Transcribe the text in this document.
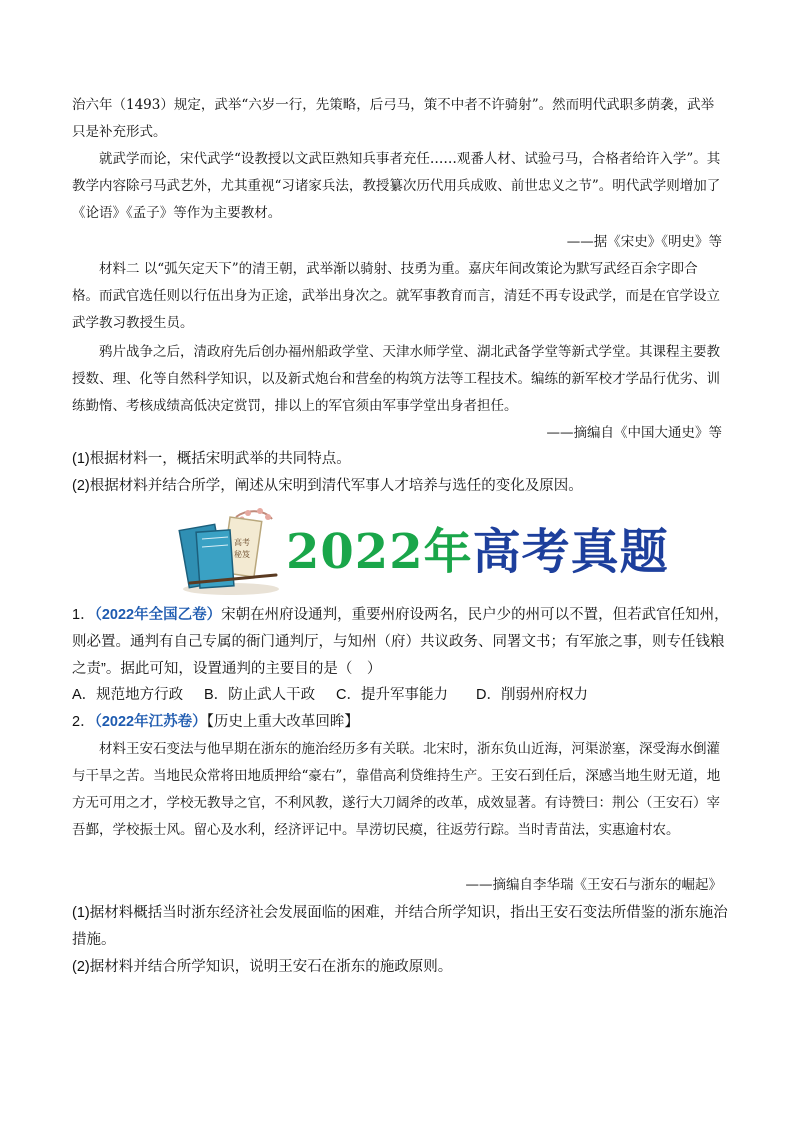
治六年（1493）规定，武举“六岁一行，先策略，后弓马，策不中者不许骑射”。然而明代武职多荫袭，武举

只是补充形式。

就武学而论，宋代武学“设教授以文武臣熟知兵事者充任……观番人材、试验弓马，合格者给许入学”。其教学内容除弓马武艺外，尤其重视“习诸家兵法，教授纂次历代用兵成败、前世忠义之节”。明代武学则增加了《论语》《孟子》等作为主要教材。

——据《宋史》《明史》等

材料二 以“弧矢定天下”的清王朝，武举渐以骑射、技勇为重。嘉庆年间改策论为默写武经百余字即合格。而武官选任则以行伍出身为正途，武举出身次之。就军事教育而言，清廷不再专设武学，而是在官学设立武学教习教授生员。

鸦片战争之后，清政府先后创办福州船政学堂、天津水师学堂、湖北武备学堂等新式学堂。其课程主要教授数、理、化等自然科学知识，以及新式炮台和营垒的构筑方法等工程技术。编练的新军校才学品行优劣、训练勤惰、考核成绩高低决定赏罚，排以上的军官须由军事学堂出身者担任。

——摘编自《中国大通史》等

(1)根据材料一，概括宋明武举的共同特点。

(2)根据材料并结合所学，阐述从宋明到清代军事人才培养与选任的变化及原因。

高考
秘笈 2022年高考真题

1．（2022年全国乙卷）宋朝在州府设通判，重要州府设两名，民户少的州可以不置，但若武官任知州，则必置。通判有自己专属的衙门通判厅，与知州（府）共议政务、同署文书；有军旅之事，则专任钱粮之责”。据此可知，设置通判的主要目的是（　）

A．规范地方行政 B．防止武人干政 C．提升军事能力 D．削弱州府权力

2．（2022年江苏卷）【历史上重大改革回眸】

材料王安石变法与他早期在浙东的施治经历多有关联。北宋时，浙东负山近海，河渠淤塞，深受海水倒灌与干旱之苦。当地民众常将田地质押给“豪右”，靠借高利贷维持生产。王安石到任后，深感当地生财无道，地方无可用之才，学校无教导之官，不利风教，遂行大刀阔斧的改革，成效显著。有诗赞曰：荆公（王安石）宰吾鄞，学校振士风。留心及水利，经济评记中。旱涝切民瘼，往返劳行踪。当时青苗法，实惠逾村农。

——摘编自李华瑞《王安石与浙东的崛起》

(1)据材料概括当时浙东经济社会发展面临的困难，并结合所学知识，指出王安石变法所借鉴的浙东施治措施。

(2)据材料并结合所学知识，说明王安石在浙东的施政原则。
